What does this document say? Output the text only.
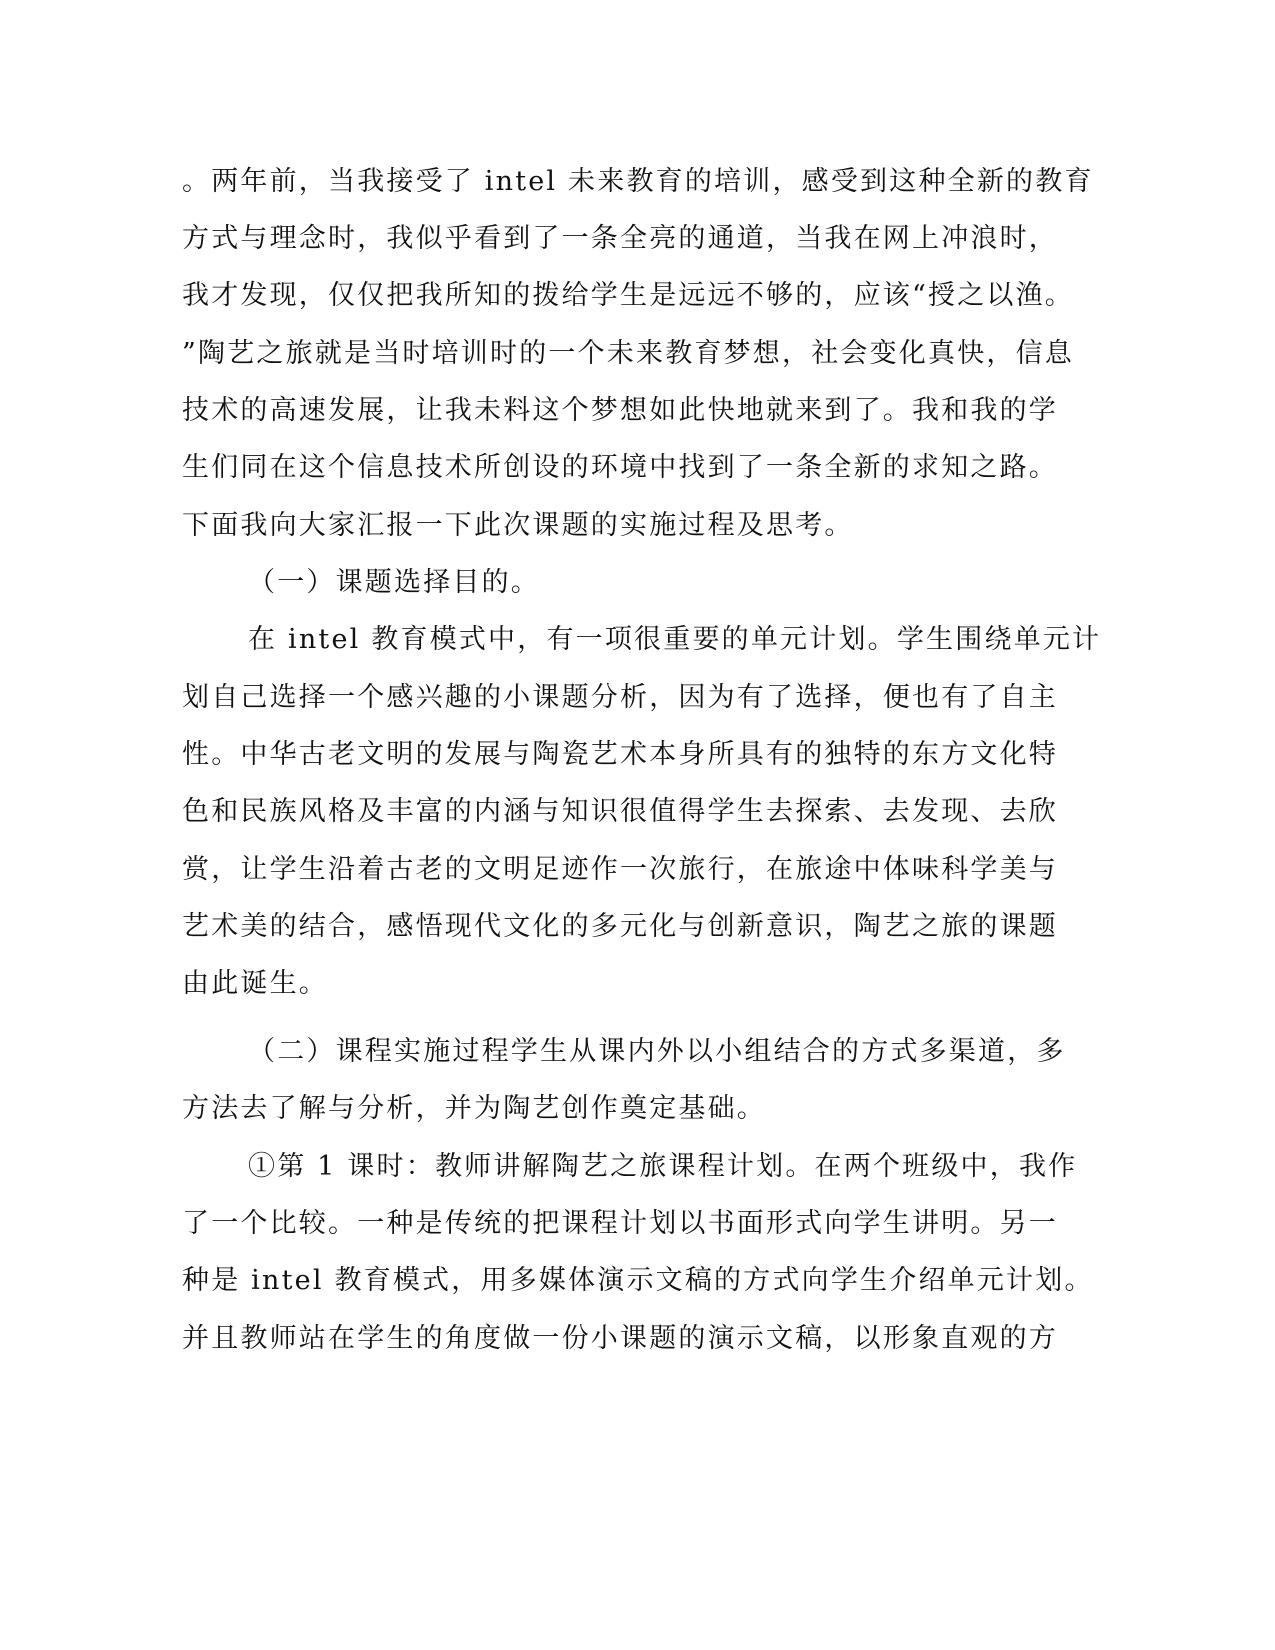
。两年前，当我接受了 intel 未来教育的培训，感受到这种全新的教育
方式与理念时，我似乎看到了一条全亮的通道，当我在网上冲浪时，
我才发现，仅仅把我所知的拨给学生是远远不够的，应该“授之以渔。
”陶艺之旅就是当时培训时的一个未来教育梦想，社会变化真快，信息
技术的高速发展，让我未料这个梦想如此快地就来到了。我和我的学
生们同在这个信息技术所创设的环境中找到了一条全新的求知之路。
下面我向大家汇报一下此次课题的实施过程及思考。
（一）课题选择目的。
在 intel 教育模式中，有一项很重要的单元计划。学生围绕单元计
划自己选择一个感兴趣的小课题分析，因为有了选择，便也有了自主
性。中华古老文明的发展与陶瓷艺术本身所具有的独特的东方文化特
色和民族风格及丰富的内涵与知识很值得学生去探索、去发现、去欣
赏，让学生沿着古老的文明足迹作一次旅行，在旅途中体味科学美与
艺术美的结合，感悟现代文化的多元化与创新意识，陶艺之旅的课题
由此诞生。
（二）课程实施过程学生从课内外以小组结合的方式多渠道，多
方法去了解与分析，并为陶艺创作奠定基础。
①第 1 课时：教师讲解陶艺之旅课程计划。在两个班级中，我作
了一个比较。一种是传统的把课程计划以书面形式向学生讲明。另一
种是 intel 教育模式，用多媒体演示文稿的方式向学生介绍单元计划。
并且教师站在学生的角度做一份小课题的演示文稿，以形象直观的方
